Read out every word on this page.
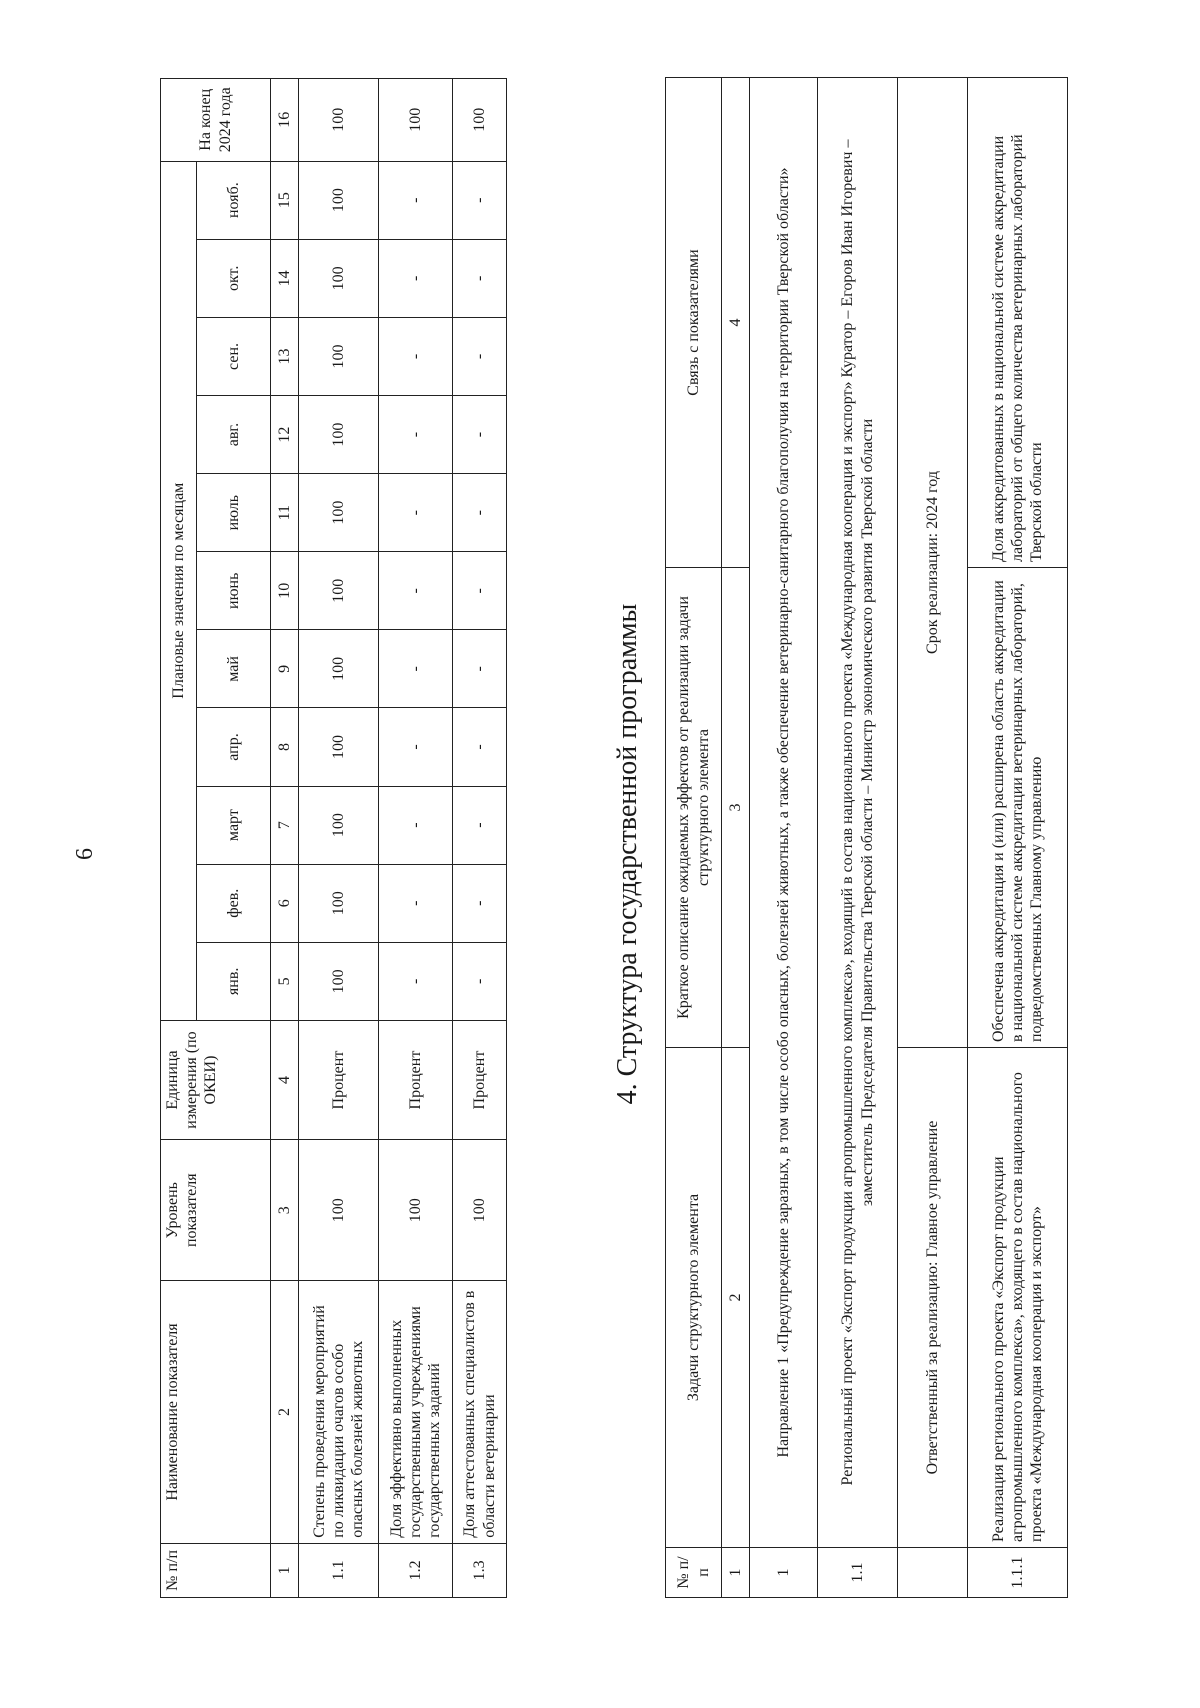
6
№ п/п	Наименование показателя	Уровень показателя	Единица измерения (по ОКЕИ)	Плановые значения по месяцам											На конец 2024 года
				янв.	фев.	март	апр.	май	июнь	июль	авг.	сен.	окт.	нояб.	
1	2	3	4	5	6	7	8	9	10	11	12	13	14	15	16
1.1	Степень проведения мероприятий по ликвидации очагов особо опасных болезней животных	100	Процент	100	100	100	100	100	100	100	100	100	100	100	100
1.2	Доля эффективно выполненных государственными учреждениями государственных заданий	100	Процент	-	-	-	-	-	-	-	-	-	-	-	100
1.3	Доля аттестованных специалистов в области ветеринарии	100	Процент	-	-	-	-	-	-	-	-	-	-	-	100
4. Структура государственной программы
№ п/п	Задачи структурного элемента	Краткое описание ожидаемых эффектов от реализации задачи структурного элемента	Связь с показателями
1	2	3	4
1	Направление 1 «Предупреждение заразных, в том числе особо опасных, болезней животных, а также обеспечение ветеринарно-санитарного благополучия на территории Тверской области»		
1.1	Региональный проект «Экспорт продукции агропромышленного комплекса», входящий в состав национального проекта «Международная кооперация и экспорт» Куратор – Егоров Иван Игоревич – заместитель Председателя Правительства Тверской области – Министр экономического развития Тверской области		
	Ответственный за реализацию: Главное управление	Срок реализации: 2024 год	
1.1.1	Реализация регионального проекта «Экспорт продукции агропромышленного комплекса», входящего в состав национального проекта «Международная кооперация и экспорт»	Обеспечена аккредитация и (или) расширена область аккредитации в национальной системе аккредитации ветеринарных лабораторий, подведомственных Главному управлению	Доля аккредитованных в национальной системе аккредитации лабораторий от общего количества ветеринарных лабораторий Тверской области
